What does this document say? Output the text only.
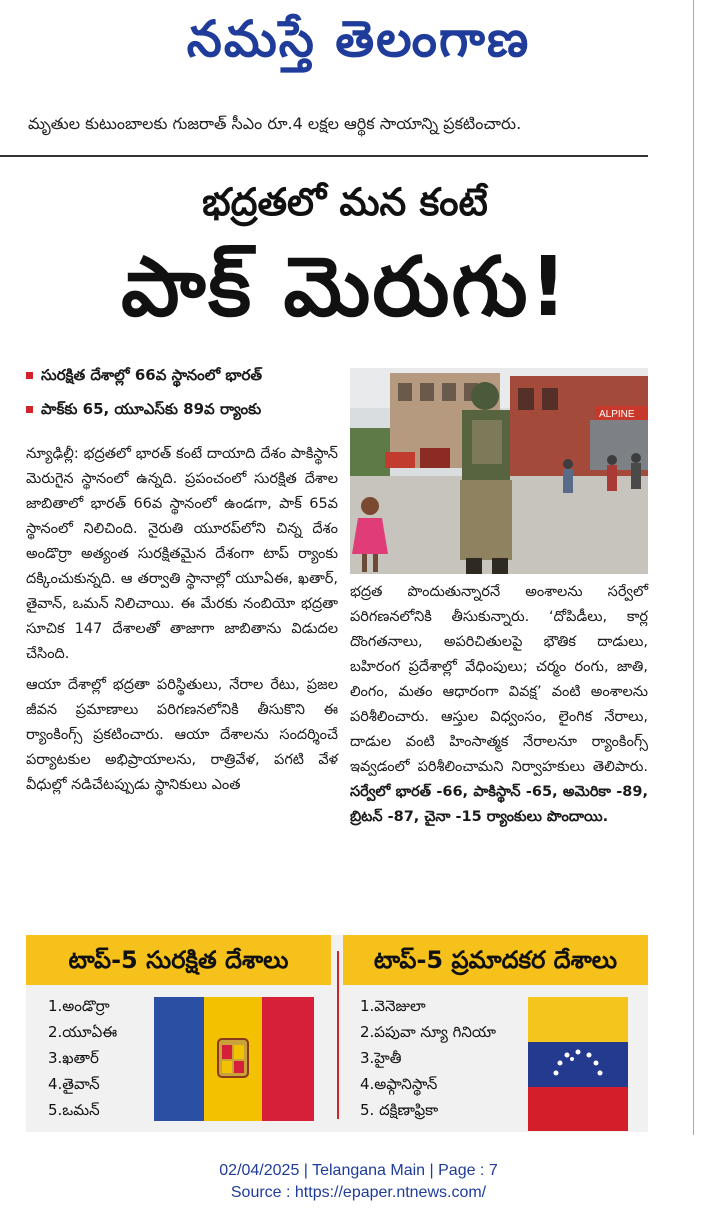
నమస్తే తెలంగాణ
మృతుల కుటుంబాలకు గుజరాత్ సీఎం రూ.4 లక్షల ఆర్థిక సాయాన్ని ప్రకటించారు.
భద్రతలో మన కంటే
పాక్ మెరుగు!
సురక్షిత దేశాల్లో 66వ స్థానంలో భారత్
పాక్‌కు 65, యూఎస్‌కు 89వ ర్యాంకు	ALPINE

న్యూఢిల్లీ: భద్రతలో భారత్ కంటే దాయాది దేశం పాకిస్థాన్ మెరుగైన స్థానంలో ఉన్నది. ప్రపంచంలో సురక్షిత దేశాల జాబితాలో భారత్ 66వ స్థానంలో ఉండగా, పాక్ 65వ స్థానంలో నిలిచింది. నైరుతి యూరప్‌లోని చిన్న దేశం అండొర్రా అత్యంత సురక్షితమైన దేశంగా టాప్ ర్యాంకు దక్కించుకున్నది. ఆ తర్వాతి స్థానాల్లో యూఏఈ, ఖతార్, తైవాన్, ఒమన్ నిలిచాయి. ఈ మేరకు నంబియో భద్రతా సూచిక 147 దేశాలతో తాజాగా జాబితాను విడుదల చేసింది.

ఆయా దేశాల్లో భద్రతా పరిస్థితులు, నేరాల రేటు, ప్రజల జీవన ప్రమాణాలు పరిగణనలోనికి తీసుకొని ఈ ర్యాంకింగ్స్ ప్రకటించారు. ఆయా దేశాలను సందర్శించే పర్యాటకుల అభిప్రాయాలను, రాత్రివేళ, పగటి వేళ వీధుల్లో నడిచేటప్పుడు స్థానికులు ఎంత

భద్రత పొందుతున్నారనే అంశాలను సర్వేలో పరిగణనలోనికి తీసుకున్నారు. ‘దోపిడీలు, కార్ల దొంగతనాలు, అపరిచితులపై భౌతిక దాడులు, బహిరంగ ప్రదేశాల్లో వేధింపులు; చర్మం రంగు, జాతి, లింగం, మతం ఆధారంగా వివక్ష’ వంటి అంశాలను పరిశీలించారు. ఆస్తుల విధ్వంసం, లైంగిక నేరాలు, దాడుల వంటి హింసాత్మక నేరాలనూ ర్యాంకింగ్స్ ఇవ్వడంలో పరిశీలించామని నిర్వాహకులు తెలిపారు. సర్వేలో భారత్ -66, పాకిస్థాన్ -65, అమెరికా -89, బ్రిటన్ -87, చైనా -15 ర్యాంకులు పొందాయి.

టాప్-5 సురక్షిత దేశాలు	టాప్-5 ప్రమాదకర దేశాలు
1.అండొర్రా
2.యూఏఈ
3.ఖతార్
4.తైవాన్
5.ఒమన్
1.వెనెజులా
2.పపువా న్యూ గినియా
3.హైతీ
4.అఫ్గానిస్థాన్
5. దక్షిణాఫ్రికా
02/04/2025 | Telangana Main | Page : 7
Source : https://epaper.ntnews.com/
